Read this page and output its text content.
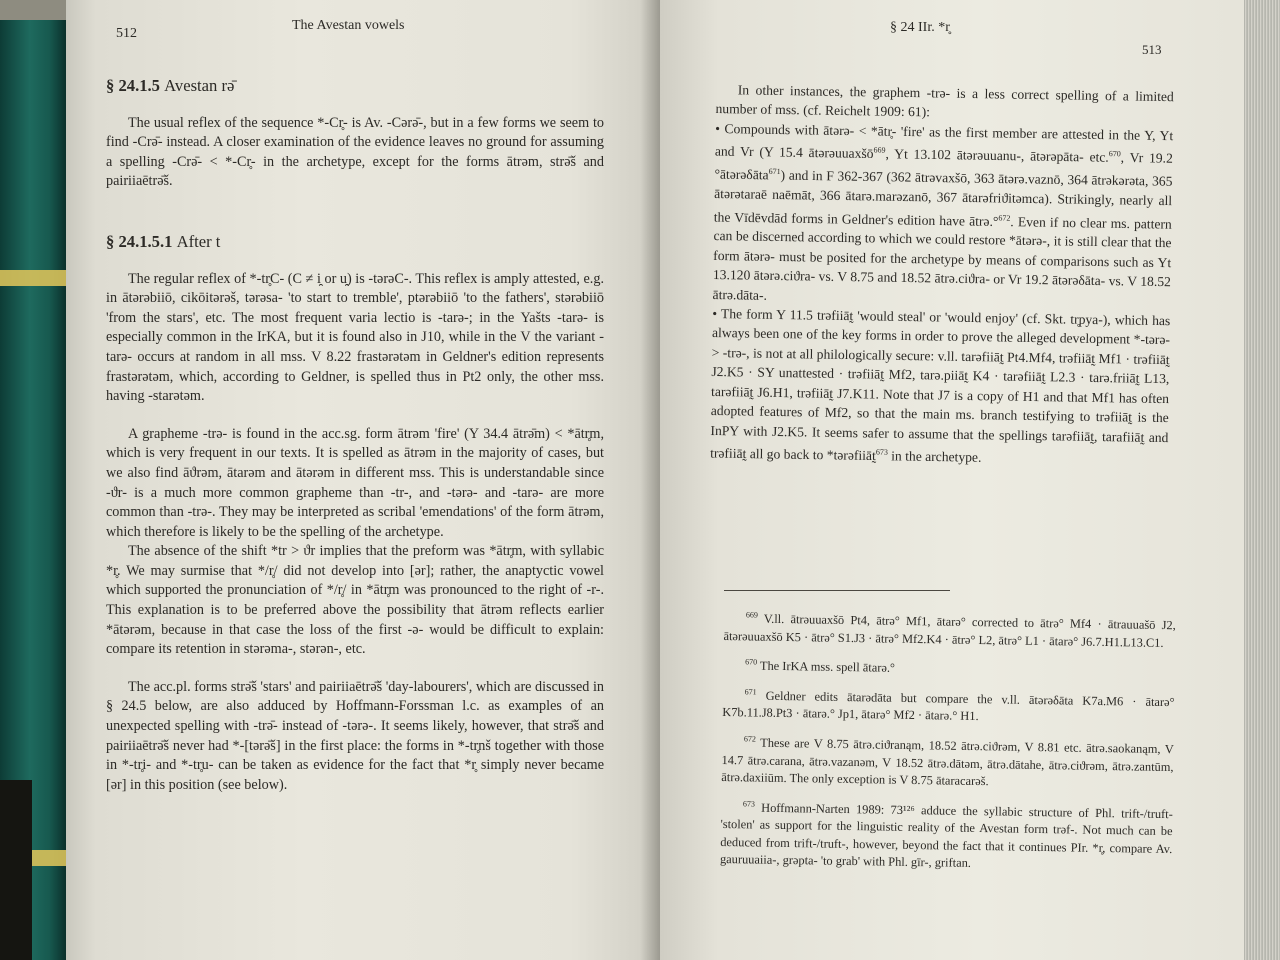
512
The Avestan vowels
§ 24.1.5 Avestan rə̄

The usual reflex of the sequence *-Cr̥- is Av. -Cərə̄-, but in a few forms we seem to find -Crə̄- instead. A closer examination of the evidence leaves no ground for assuming a spelling -Crə̄- < *-Cr̥- in the archetype, except for the forms ātrəm, strə̄š and pairiiaētrə̄š.

§ 24.1.5.1 After t

The regular reflex of *-tr̥C- (C ≠ i̯ or u̯) is -tərəC-. This reflex is amply attested, e.g. in ātərəbiiō, cikōitərəš, tərəsa- 'to start to tremble', ptərəbiiō 'to the fathers', stərəbiiō 'from the stars', etc. The most frequent varia lectio is -tarə-; in the Yašts -tarə- is especially common in the IrKA, but it is found also in J10, while in the V the variant -tarə- occurs at random in all mss. V 8.22 frastərətəm in Geldner's edition represents frastərətəm, which, according to Geldner, is spelled thus in Pt2 only, the other mss. having -starətəm.

A grapheme -trə- is found in the acc.sg. form ātrəm 'fire' (Y 34.4 ātrə̄m) < *ātr̥m, which is very frequent in our texts. It is spelled as ātrəm in the majority of cases, but we also find āϑrəm, ātarəm and ātərəm in different mss. This is understandable since -ϑr- is a much more common grapheme than -tr-, and -tərə- and -tarə- are more common than -trə-. They may be interpreted as scribal 'emendations' of the form ātrəm, which therefore is likely to be the spelling of the archetype.

The absence of the shift *tr > ϑr implies that the preform was *ātr̥m, with syllabic *r̥. We may surmise that */r̥/ did not develop into [ər]; rather, the anaptyctic vowel which supported the pronunciation of */r̥/ in *ātr̥m was pronounced to the right of -r-. This explanation is to be preferred above the possibility that ātrəm reflects earlier *ātərəm, because in that case the loss of the first -ə- would be difficult to explain: compare its retention in stərəma-, stərən-, etc.

The acc.pl. forms strə̄š 'stars' and pairiiaētrə̄š 'day-labourers', which are discussed in § 24.5 below, are also adduced by Hoffmann-Forssman l.c. as examples of an unexpected spelling with -trə̄- instead of -tərə-. It seems likely, however, that strə̄š and pairiiaētrə̄š never had *-[tərə̄š] in the first place: the forms in *-tr̥nš together with those in *-tr̥i- and *-tr̥u- can be taken as evidence for the fact that *r̥ simply never became [ər] in this position (see below).

§ 24 IIr. *r̥
513

In other instances, the graphem -trə- is a less correct spelling of a limited number of mss. (cf. Reichelt 1909: 61):

• Compounds with ātərə- < *ātr̥- 'fire' as the first member are attested in the Y, Yt and Vr (Y 15.4 ātərəuuaxšō$^{669}$, Yt 13.102 ātərəuuanu-, ātərəpāta- etc.$^{670}$, Vr 19.2 °ātərəδāta$^{671}$) and in F 362-367 (362 ātrəvaxšō, 363 ātərə.vaznō, 364 ātrəkərəta, 365 ātərətaraē naēmāt, 366 ātarə.marəzanō, 367 ātarəfriϑitəmca). Strikingly, nearly all the Vīdēvdād forms in Geldner's edition have ātrə.°$^{672}$. Even if no clear ms. pattern can be discerned according to which we could restore *ātərə-, it is still clear that the form ātərə- must be posited for the archetype by means of comparisons such as Yt 13.120 ātərə.ciϑra- vs. V 8.75 and 18.52 ātrə.ciϑra- or Vr 19.2 ātərəδāta- vs. V 18.52 ātrə.dāta-.

• The form Y 11.5 trəfiiāt̰ 'would steal' or 'would enjoy' (cf. Skt. tr̥pya-), which has always been one of the key forms in order to prove the alleged development *-tərə- > -trə-, is not at all philologically secure: v.ll. tarəfiiāt̰ Pt4.Mf4, trəfiiāt̰ Mf1 · trəfiiāt̰ J2.K5 · SY unattested · trəfiiāt̰ Mf2, tarə.piiāt̰ K4 · tarəfiiāt̰ L2.3 · tarə.friiāt̰ L13, tarəfiiāt̰ J6.H1, trəfiiāt̰ J7.K11. Note that J7 is a copy of H1 and that Mf1 has often adopted features of Mf2, so that the main ms. branch testifying to trəfiiāt̰ is the InPY with J2.K5. It seems safer to assume that the spellings tarəfiiāt̰, tarafiiāt̰ and trəfiiāt̰ all go back to *tərəfiiāt̰$^{673}$ in the archetype.

$^{669}$ V.ll. ātrəuuaxšō Pt4, ātrə° Mf1, ātarə° corrected to ātrə° Mf4 · ātrauuašō J2, ātərəuuaxšō K5 · ātrə° S1.J3 · ātrə° Mf2.K4 · ātrə° L2, ātrə° L1 · ātarə° J6.7.H1.L13.C1.

$^{670}$ The IrKA mss. spell ātarə.°

$^{671}$ Geldner edits ātarədāta but compare the v.ll. ātərəδāta K7a.M6 · ātarə° K7b.11.J8.Pt3 · ātarə.° Jp1, ātarə° Mf2 · ātarə.° H1.

$^{672}$ These are V 8.75 ātrə.ciϑranąm, 18.52 ātrə.ciϑrəm, V 8.81 etc. ātrə.saokanąm, V 14.7 ātrə.carana, ātrə.vazanəm, V 18.52 ātrə.dātəm, ātrə.dātahe, ātrə.ciϑrəm, ātrə.zantūm, ātrə.daxiiūm. The only exception is V 8.75 ātaracarəš.

$^{673}$ Hoffmann-Narten 1989: 73¹²⁶ adduce the syllabic structure of Phl. trift-/truft- 'stolen' as support for the linguistic reality of the Avestan form trəf-. Not much can be deduced from trift-/truft-, however, beyond the fact that it continues PIr. *r̥, compare Av. gauruuaiia-, grəpta- 'to grab' with Phl. gīr-, griftan.
